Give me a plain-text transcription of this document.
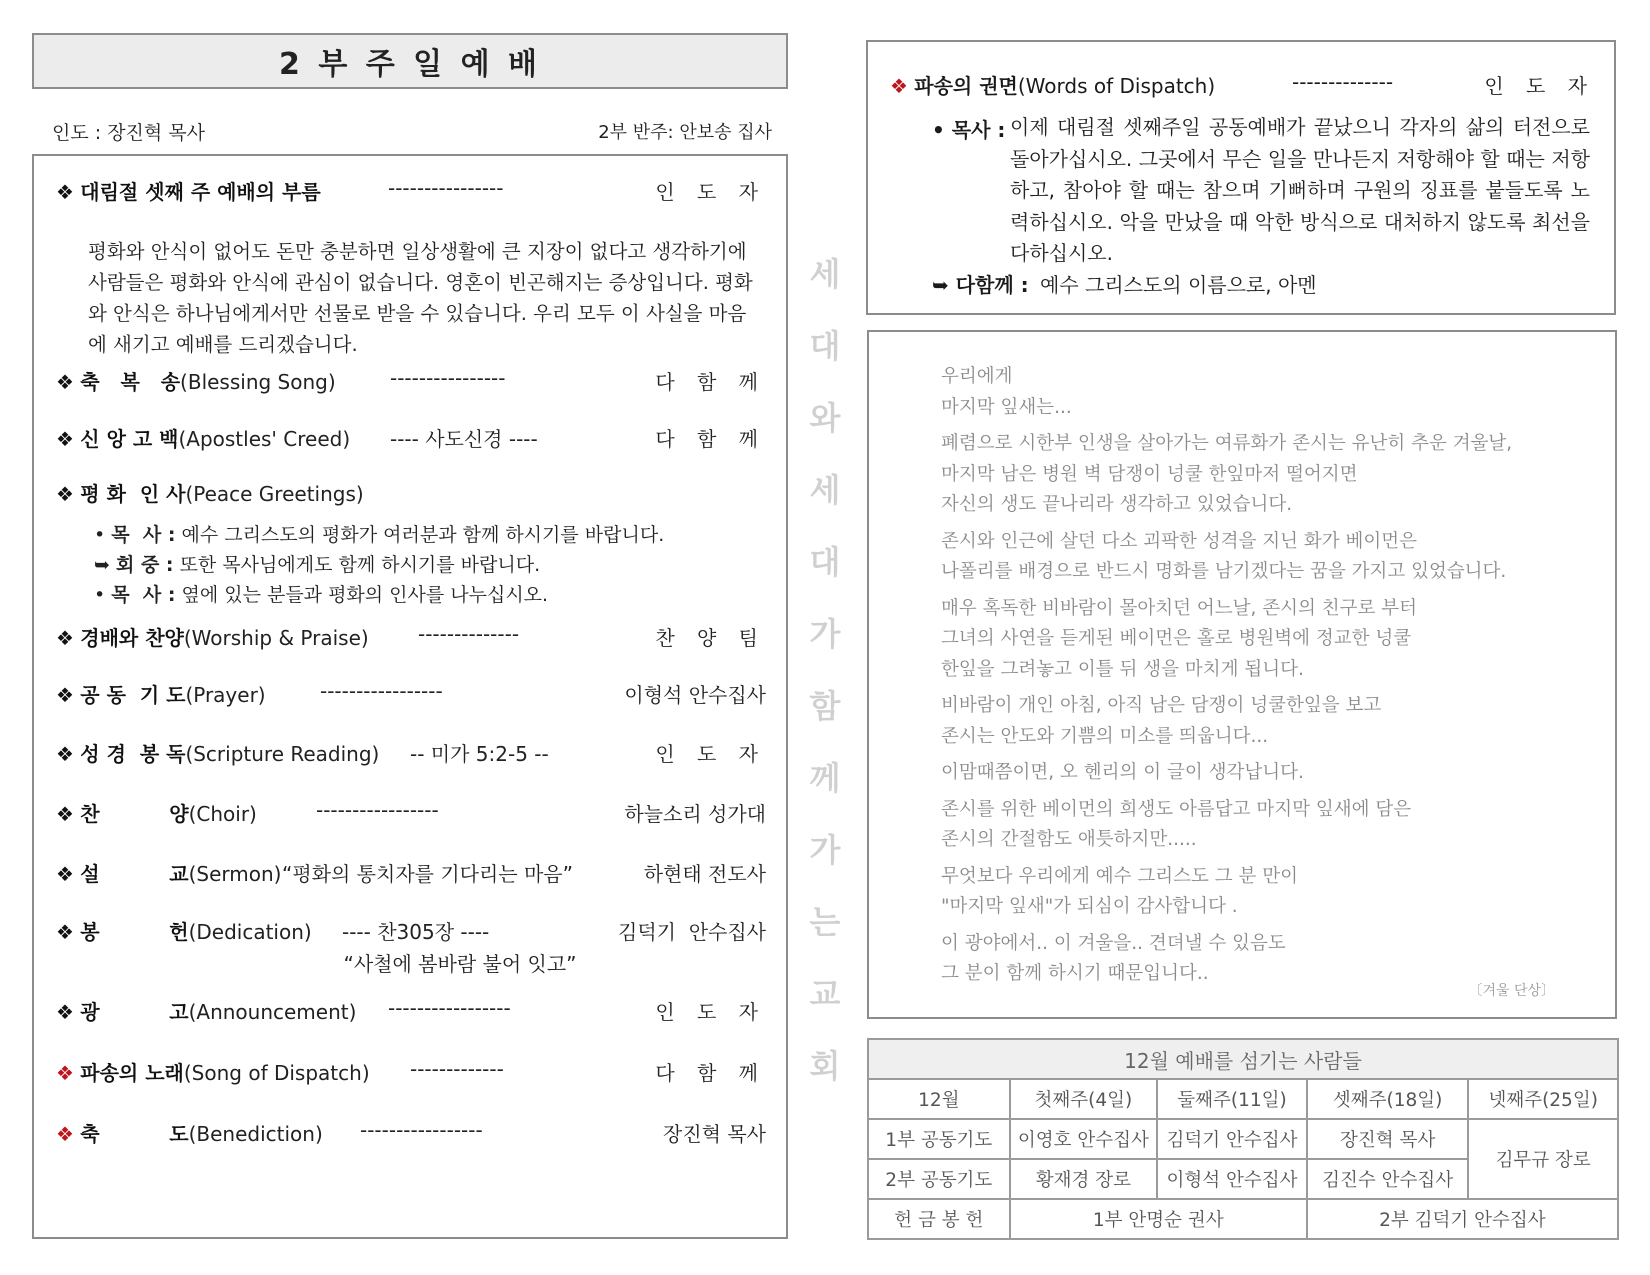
2 부 주 일 예 배
인도 : 장진혁 목사	2부 반주: 안보송 집사
❖ 대림절 셋째 주 예배의 부름	----------------	인 도 자
평화와 안식이 없어도 돈만 충분하면 일상생활에 큰 지장이 없다고 생각하기에 사람들은 평화와 안식에 관심이 없습니다. 영혼이 빈곤해지는 증상입니다. 평화와 안식은 하나님에게서만 선물로 받을 수 있습니다. 우리 모두 이 사실을 마음에 새기고 예배를 드리겠습니다.
❖ 축   복   송(Blessing Song)	----------------	다 함 께
❖ 신 앙 고 백(Apostles' Creed) ---- 사도신경 ----	다 함 께
❖ 평 화  인 사(Peace Greetings)
• 목  사 : 예수 그리스도의 평화가 여러분과 함께 하시기를 바랍니다.
➥ 회 중 : 또한 목사님에게도 함께 하시기를 바랍니다.
• 목  사 : 옆에 있는 분들과 평화의 인사를 나누십시오.
❖ 경배와 찬양(Worship & Praise) --------------	찬 양 팀
❖ 공 동  기 도(Prayer)	-----------------	이형석 안수집사
❖ 성 경  봉 독(Scripture Reading) -- 미가 5:2-5 --	인 도 자
❖ 찬          양(Choir)	-----------------	하늘소리 성가대
❖ 설          교(Sermon) “평화의 통치자를 기다리는 마음”	하현태 전도사
❖ 봉          헌(Dedication) ---- 찬305장 ----	김덕기  안수집사
“사철에 봄바람 불어 잇고”
❖ 광          고(Announcement) -----------------	인 도 자
❖ 파송의 노래(Song of Dispatch) -------------	다 함 께
❖ 축          도(Benediction) -----------------	장진혁 목사
세
대
와
세
대
가
함
께
가
는
교
회
❖ 파송의 권면(Words of Dispatch)	--------------	인 도 자
• 목사 : 이제 대림절 셋째주일 공동예배가 끝났으니 각자의 삶의 터전으로 돌아가십시오. 그곳에서 무슨 일을 만나든지 저항해야 할 때는 저항하고, 참아야 할 때는 참으며 기뻐하며 구원의 징표를 붙들도록 노력하십시오. 악을 만났을 때 악한 방식으로 대처하지 않도록 최선을 다하십시오.
➥ 다함께 : 예수 그리스도의 이름으로, 아멘
우리에게
마지막 잎새는...
폐렴으로 시한부 인생을 살아가는 여류화가 존시는 유난히 추운 겨울날,
마지막 남은 병원 벽 담쟁이 넝쿨 한잎마저 떨어지면
자신의 생도 끝나리라 생각하고 있었습니다.
존시와 인근에 살던 다소 괴팍한 성격을 지닌 화가 베이먼은
나폴리를 배경으로 반드시 명화를 남기겠다는 꿈을 가지고 있었습니다.
매우 혹독한 비바람이 몰아치던 어느날, 존시의 친구로 부터
그녀의 사연을 듣게된 베이먼은 홀로 병원벽에 정교한 넝쿨
한잎을 그려놓고 이틀 뒤 생을 마치게 됩니다.
비바람이 개인 아침, 아직 남은 담쟁이 넝쿨한잎을 보고
존시는 안도와 기쁨의 미소를 띄웁니다...
이맘때쯤이면, 오 헨리의 이 글이 생각납니다.
존시를 위한 베이먼의 희생도 아름답고 마지막 잎새에 담은
존시의 간절함도 애틋하지만.....
무엇보다 우리에게 예수 그리스도 그 분 만이
"마지막 잎새"가 되심이 감사합니다 .
이 광야에서.. 이 겨울을.. 견뎌낼 수 있음도
그 분이 함께 하시기 때문입니다..
〔겨울 단상〕
12월 예배를 섬기는 사람들				
12월	첫째주(4일)	둘째주(11일)	셋째주(18일)	넷째주(25일)
1부 공동기도	이영호 안수집사	김덕기 안수집사	장진혁 목사	김무규 장로
2부 공동기도	황재경 장로	이형석 안수집사	김진수 안수집사	
헌 금 봉 헌	1부 안명순 권사		2부 김덕기 안수집사	
